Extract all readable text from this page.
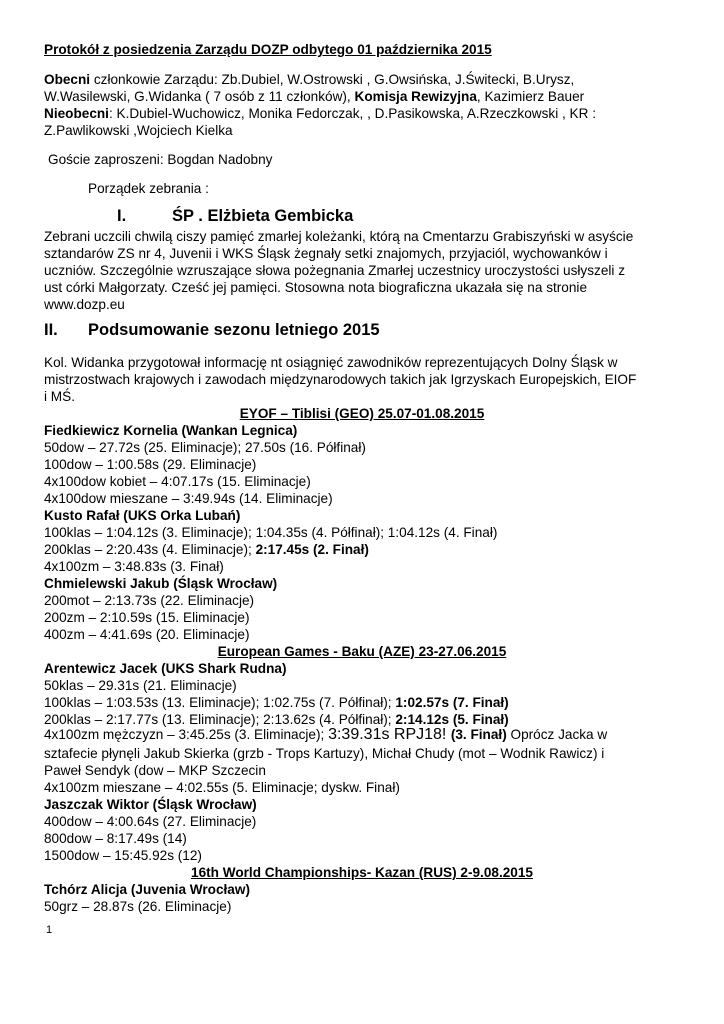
Protokół z posiedzenia Zarządu DOZP odbytego 01 października 2015
Obecni członkowie Zarządu: Zb.Dubiel, W.Ostrowski , G.Owsińska, J.Świtecki, B.Urysz,
W.Wasilewski, G.Widanka ( 7 osób z 11 członków), Komisja Rewizyjna, Kazimierz Bauer
Nieobecni: K.Dubiel-Wuchowicz, Monika Fedorczak, , D.Pasikowska, A.Rzeczkowski , KR :
Z.Pawlikowski ,Wojciech Kielka
Goście zaproszeni: Bogdan Nadobny
Porządek zebrania :
I.	ŚP . Elżbieta Gembicka
Zebrani uczcili chwilą ciszy pamięć zmarłej koleżanki, którą na Cmentarzu Grabiszyński w asyście
sztandarów ZS nr 4, Juvenii i WKS Śląsk żegnały setki znajomych, przyjaciól, wychowanków i
uczniów. Szczególnie wzruszające słowa pożegnania Zmarłej uczestnicy uroczystości usłyszeli z
ust córki Małgorzaty. Cześć jej pamięci. Stosowna nota biograficzna ukazała się na stronie
www.dozp.eu
II. Podsumowanie sezonu letniego 2015
Kol. Widanka przygotował informację nt osiągnięć zawodników reprezentujących Dolny Śląsk w
mistrzostwach krajowych i zawodach międzynarodowych takich jak Igrzyskach Europejskich, EIOF
i MŚ.
EYOF – Tiblisi (GEO) 25.07-01.08.2015
Fiedkiewicz Kornelia (Wankan Legnica)
50dow – 27.72s (25. Eliminacje); 27.50s (16. Półfinał)
100dow – 1:00.58s (29. Eliminacje)
4x100dow kobiet – 4:07.17s (15. Eliminacje)
4x100dow mieszane – 3:49.94s (14. Eliminacje)
Kusto Rafał (UKS Orka Lubań)
100klas – 1:04.12s (3. Eliminacje); 1:04.35s (4. Półfinał); 1:04.12s (4. Finał)
200klas – 2:20.43s (4. Eliminacje); 2:17.45s (2. Finał)
4x100zm – 3:48.83s (3. Finał)
Chmielewski Jakub (Śląsk Wrocław)
200mot – 2:13.73s (22. Eliminacje)
200zm – 2:10.59s (15. Eliminacje)
400zm – 4:41.69s (20. Eliminacje)
European Games - Baku (AZE) 23-27.06.2015
Arentewicz Jacek (UKS Shark Rudna)
50klas – 29.31s (21. Eliminacje)
100klas – 1:03.53s (13. Eliminacje); 1:02.75s (7. Półfinał); 1:02.57s (7. Finał)
200klas – 2:17.77s (13. Eliminacje); 2:13.62s (4. Półfinał); 2:14.12s (5. Finał)
4x100zm mężczyzn – 3:45.25s (3. Eliminacje); 3:39.31s RPJ18! (3. Finał) Oprócz Jacka w
sztafecie płynęli Jakub Skierka (grzb - Trops Kartuzy), Michał Chudy (mot – Wodnik Rawicz) i
Paweł Sendyk (dow – MKP Szczecin
4x100zm mieszane – 4:02.55s (5. Eliminacje; dyskw. Finał)
Jaszczak Wiktor (Śląsk Wrocław)
400dow – 4:00.64s (27. Eliminacje)
800dow – 8:17.49s (14)
1500dow – 15:45.92s (12)
16th World Championships- Kazan (RUS) 2-9.08.2015
Tchórz Alicja (Juvenia Wrocław)
50grz – 28.87s (26. Eliminacje)
1
